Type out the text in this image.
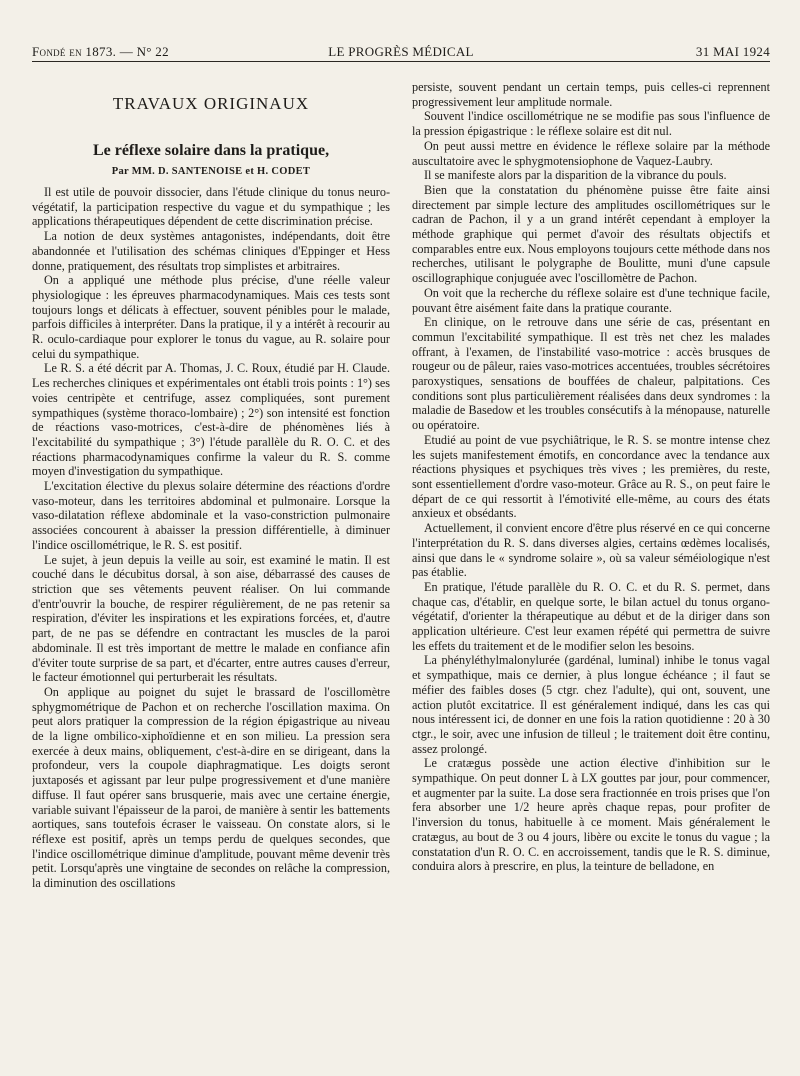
Fondé en 1873. — N° 22	LE PROGRÈS MÉDICAL	31 MAI 1924
TRAVAUX ORIGINAUX
Le réflexe solaire dans la pratique,
Par MM. D. SANTENOISE et H. CODET

Il est utile de pouvoir dissocier, dans l'étude clinique du tonus neuro-végétatif, la participation respective du vague et du sympathique ; les applications thérapeutiques dépendent de cette discrimination précise.

La notion de deux systèmes antagonistes, indépendants, doit être abandonnée et l'utilisation des schémas cliniques d'Eppinger et Hess donne, pratiquement, des résultats trop simplistes et arbitraires.

On a appliqué une méthode plus précise, d'une réelle valeur physiologique : les épreuves pharmacodynamiques. Mais ces tests sont toujours longs et délicats à effectuer, souvent pénibles pour le malade, parfois difficiles à interpréter. Dans la pratique, il y a intérêt à recourir au R. oculo-cardiaque pour explorer le tonus du vague, au R. solaire pour celui du sympathique.

Le R. S. a été décrit par A. Thomas, J. C. Roux, étudié par H. Claude. Les recherches cliniques et expérimentales ont établi trois points : 1°) ses voies centripète et centrifuge, assez compliquées, sont purement sympathiques (système thoraco-lombaire) ; 2°) son intensité est fonction de réactions vaso-motrices, c'est-à-dire de phénomènes liés à l'excitabilité du sympathique ; 3°) l'étude parallèle du R. O. C. et des réactions pharmacodynamiques confirme la valeur du R. S. comme moyen d'investigation du sympathique.

L'excitation élective du plexus solaire détermine des réactions d'ordre vaso-moteur, dans les territoires abdominal et pulmonaire. Lorsque la vaso-dilatation réflexe abdominale et la vaso-constriction pulmonaire associées concourent à abaisser la pression différentielle, à diminuer l'indice oscillométrique, le R. S. est positif.

Le sujet, à jeun depuis la veille au soir, est examiné le matin. Il est couché dans le décubitus dorsal, à son aise, débarrassé des causes de striction que ses vêtements peuvent réaliser. On lui commande d'entr'ouvrir la bouche, de respirer régulièrement, de ne pas retenir sa respiration, d'éviter les inspirations et les expirations forcées, et, d'autre part, de ne pas se défendre en contractant les muscles de la paroi abdominale. Il est très important de mettre le malade en confiance afin d'éviter toute surprise de sa part, et d'écarter, entre autres causes d'erreur, le facteur émotionnel qui perturberait les résultats.

On applique au poignet du sujet le brassard de l'oscillomètre sphygmométrique de Pachon et on recherche l'oscillation maxima. On peut alors pratiquer la compression de la région épigastrique au niveau de la ligne ombilico-xiphoïdienne et en son milieu. La pression sera exercée à deux mains, obliquement, c'est-à-dire en se dirigeant, dans la profondeur, vers la coupole diaphragmatique. Les doigts seront juxtaposés et agissant par leur pulpe progressivement et d'une manière diffuse. Il faut opérer sans brusquerie, mais avec une certaine énergie, variable suivant l'épaisseur de la paroi, de manière à sentir les battements aortiques, sans toutefois écraser le vaisseau. On constate alors, si le réflexe est positif, après un temps perdu de quelques secondes, que l'indice oscillométrique diminue d'amplitude, pouvant même devenir très petit. Lorsqu'après une vingtaine de secondes on relâche la compression, la diminution des oscillations

persiste, souvent pendant un certain temps, puis celles-ci reprennent progressivement leur amplitude normale.

Souvent l'indice oscillométrique ne se modifie pas sous l'influence de la pression épigastrique : le réflexe solaire est dit nul.

On peut aussi mettre en évidence le réflexe solaire par la méthode auscultatoire avec le sphygmotensiophone de Vaquez-Laubry.

Il se manifeste alors par la disparition de la vibrance du pouls.

Bien que la constatation du phénomène puisse être faite ainsi directement par simple lecture des amplitudes oscillométriques sur le cadran de Pachon, il y a un grand intérêt cependant à employer la méthode graphique qui permet d'avoir des résultats objectifs et comparables entre eux. Nous employons toujours cette méthode dans nos recherches, utilisant le polygraphe de Boulitte, muni d'une capsule oscillographique conjuguée avec l'oscillomètre de Pachon.

On voit que la recherche du réflexe solaire est d'une technique facile, pouvant être aisément faite dans la pratique courante.

En clinique, on le retrouve dans une série de cas, présentant en commun l'excitabilité sympathique. Il est très net chez les malades offrant, à l'examen, de l'instabilité vaso-motrice : accès brusques de rougeur ou de pâleur, raies vaso-motrices accentuées, troubles sécrétoires paroxystiques, sensations de bouffées de chaleur, palpitations. Ces conditions sont plus particulièrement réalisées dans deux syndromes : la maladie de Basedow et les troubles consécutifs à la ménopause, naturelle ou opératoire.

Etudié au point de vue psychiâtrique, le R. S. se montre intense chez les sujets manifestement émotifs, en concordance avec la tendance aux réactions physiques et psychiques très vives ; les premières, du reste, sont essentiellement d'ordre vaso-moteur. Grâce au R. S., on peut faire le départ de ce qui ressortit à l'émotivité elle-même, au cours des états anxieux et obsédants.

Actuellement, il convient encore d'être plus réservé en ce qui concerne l'interprétation du R. S. dans diverses algies, certains œdèmes localisés, ainsi que dans le « syndrome solaire », où sa valeur séméiologique n'est pas établie.

En pratique, l'étude parallèle du R. O. C. et du R. S. permet, dans chaque cas, d'établir, en quelque sorte, le bilan actuel du tonus organo-végétatif, d'orienter la thérapeutique au début et de la diriger dans son application ultérieure. C'est leur examen répété qui permettra de suivre les effets du traitement et de le modifier selon les besoins.

La phényléthylmalonylurée (gardénal, luminal) inhibe le tonus vagal et sympathique, mais ce dernier, à plus longue échéance ; il faut se méfier des faibles doses (5 ctgr. chez l'adulte), qui ont, souvent, une action plutôt excitatrice. Il est généralement indiqué, dans les cas qui nous intéressent ici, de donner en une fois la ration quotidienne : 20 à 30 ctgr., le soir, avec une infusion de tilleul ; le traitement doit être continu, assez prolongé.

Le cratægus possède une action élective d'inhibition sur le sympathique. On peut donner L à LX gouttes par jour, pour commencer, et augmenter par la suite. La dose sera fractionnée en trois prises que l'on fera absorber une 1/2 heure après chaque repas, pour profiter de l'inversion du tonus, habituelle à ce moment. Mais généralement le cratægus, au bout de 3 ou 4 jours, libère ou excite le tonus du vague ; la constatation d'un R. O. C. en accroissement, tandis que le R. S. diminue, conduira alors à prescrire, en plus, la teinture de belladone, en
